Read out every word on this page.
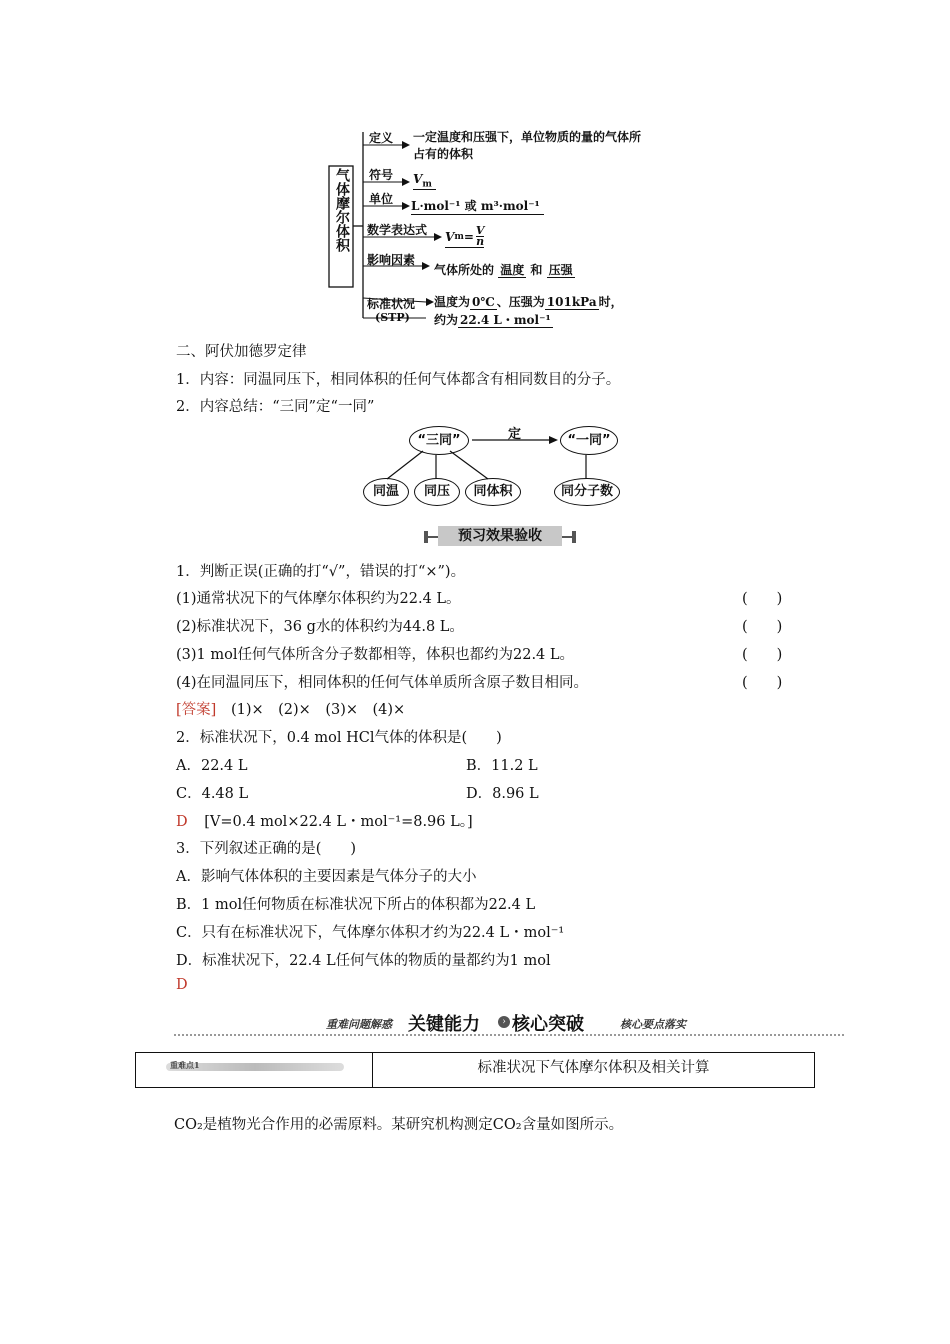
气体摩尔体积
定义 一定温度和压强下，单位物质的量的气体所
占有的体积
符号 $V_m$
单位 L·mol⁻¹ 或 m³·mol⁻¹
数学表达式 V $m = \frac{V}{n}$
影响因素
气体所处的 温度 和 压强
标准状况
(STP)
温度为 0℃ 、压强为 101kPa 时，
约为 22.4 L・mol⁻¹
二、阿伏加德罗定律
1．内容：同温同压下，相同体积的任何气体都含有相同数目的分子。
2．内容总结：“三同”定“一同”
“三同”	定	“一同”
同温	同压	同体积	同分子数
预习效果验收
1．判断正误(正确的打“√”，错误的打“×”)。
(1)通常状况下的气体摩尔体积约为22.4 L。	(　　)
(2)标准状况下，36 g水的体积约为44.8 L。	(　　)
(3)1 mol任何气体所含分子数都相等，体积也都约为22.4 L。	(　　)
(4)在同温同压下，相同体积的任何气体单质所含原子数目相同。	(　　)
[答案] (1)×　(2)×　(3)×　(4)×
2．标准状况下，0.4 mol HCl气体的体积是(　　)
A．22.4 L	B．11.2 L
C．4.48 L	D．8.96 L
D [V=0.4 mol×22.4 L・mol⁻¹=8.96 L。]
3．下列叙述正确的是(　　)
A．影响气体体积的主要因素是气体分子的大小
B．1 mol任何物质在标准状况下所占的体积都为22.4 L
C．只有在标准状况下，气体摩尔体积才约为22.4 L・mol⁻¹
D．标准状况下，22.4 L任何气体的物质的量都约为1 mol
D
重难问题解惑 关键能力	› 核心突破	核心要点落实
重难点1	标准状况下气体摩尔体积及相关计算
CO₂是植物光合作用的必需原料。某研究机构测定CO₂含量如图所示。
